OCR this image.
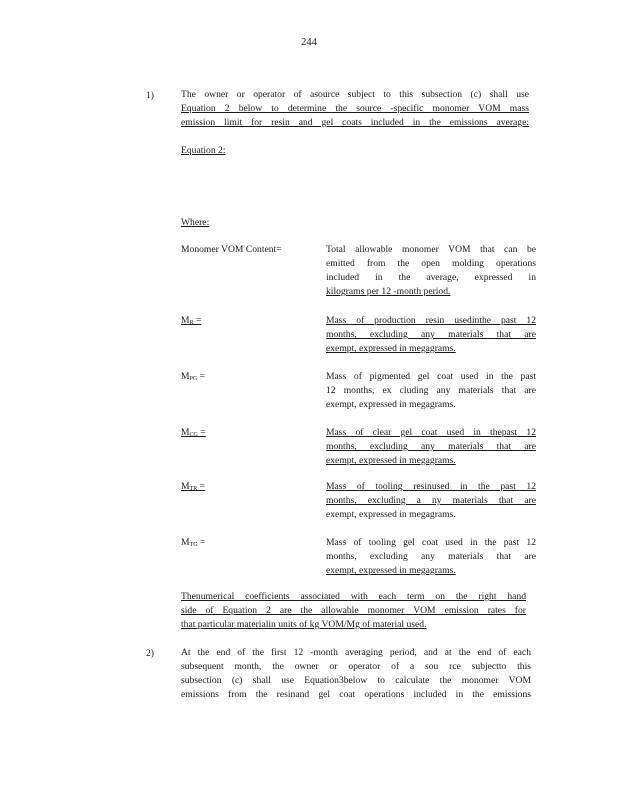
244
1)	The owner or operator of asource subject to this subsection (c) shall use
Equation 2 below to determine the source -specific monomer VOM mass
emission limit for resin and gel coats included in the emissions average:
Equation 2:
Where:
Monomer VOM Content=	Total allowable monomer VOM that can be
emitted from the open molding operations
included in the average, expressed in
kilograms per 12 -month period.
$M_R$ =	Mass of production resin usedinthe past 12
months, excluding any materials that are
exempt, expressed in megagrams.
$M_{PG}$ =	Mass of pigmented gel coat used in the past
12 months, ex cluding any materials that are
exempt, expressed in megagrams.
$M_{CG}$ =	Mass of clear gel coat used in thepast 12
months, excluding any materials that are
exempt, expressed in megagrams.
$M_{TR}$ =	Mass of tooling resinused in the past 12
months, excluding a ny materials that are
exempt, expressed in megagrams.
$M_{TG}$ =	Mass of tooling gel coat used in the past 12
months, excluding any materials that are
exempt, expressed in megagrams.
Thenumerical coefficients associated with each term on the right hand
side of Equation 2 are the allowable monomer VOM emission rates for
that particular materialin units of kg VOM/Mg of material used.
2)	At the end of the first 12 -month averaging period, and at the end of each
subsequent month, the owner or operator of a sou rce subjectto this
subsection (c) shall use Equation3below to calculate the monomer VOM
emissions from the resinand gel coat operations included in the emissions
